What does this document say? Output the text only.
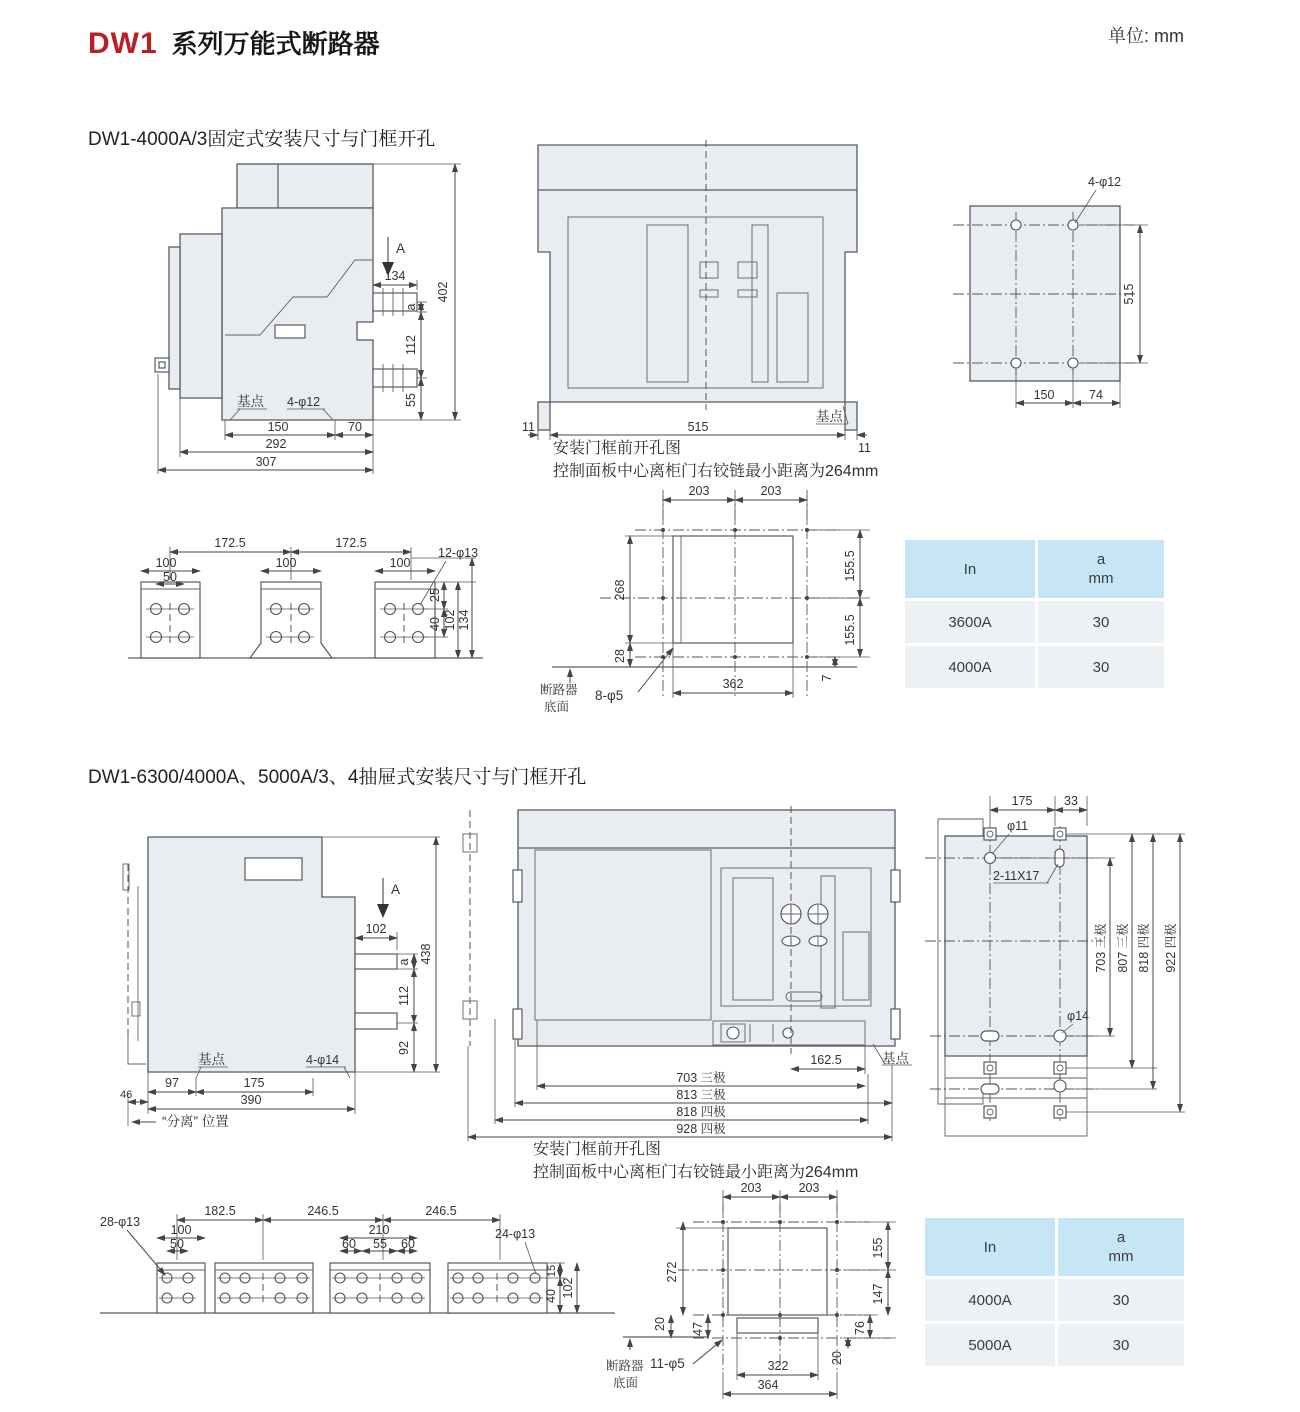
DW1 系列万能式断路器	单位: mm
DW1-4000A/3固定式安装尺寸与门框开孔
A
134
402
a
112
55
基点 4-φ12
150	70
292
307
11	515
11
基点
安装门框前开孔图
控制面板中心离柜门右铰链最小距离为264mm
4-φ12
515
150	74
172.5	172.5
100
50
100	100
12-φ13
25
40 102 134
203	203
268
28
155.5
155.5
7
断路器
底面
8-φ5
362
In
a
mm
3600A	30
4000A	30
DW1-6300/4000A、5000A/3、4抽屉式安装尺寸与门框开孔
A
102
a
112
92
438
基点	4-φ14
97	175
390
46
“分离” 位置
基点
162.5
703 三极
813 三极
818 四极
928 四极
安装门框前开孔图
控制面板中心离柜门右铰链最小距离为264mm
175	33
φ11
2-11X17
φ14
703 三极 807 三极 818 四极 922 四极
182.5	246.5	246.5
100
50
210
60 55 60
28-φ13
24-φ13
15
40 102
203	203
272
20 47
155
147
76
20
断路器
底面
11-φ5	322
364
In
a
mm
4000A	30
5000A	30
